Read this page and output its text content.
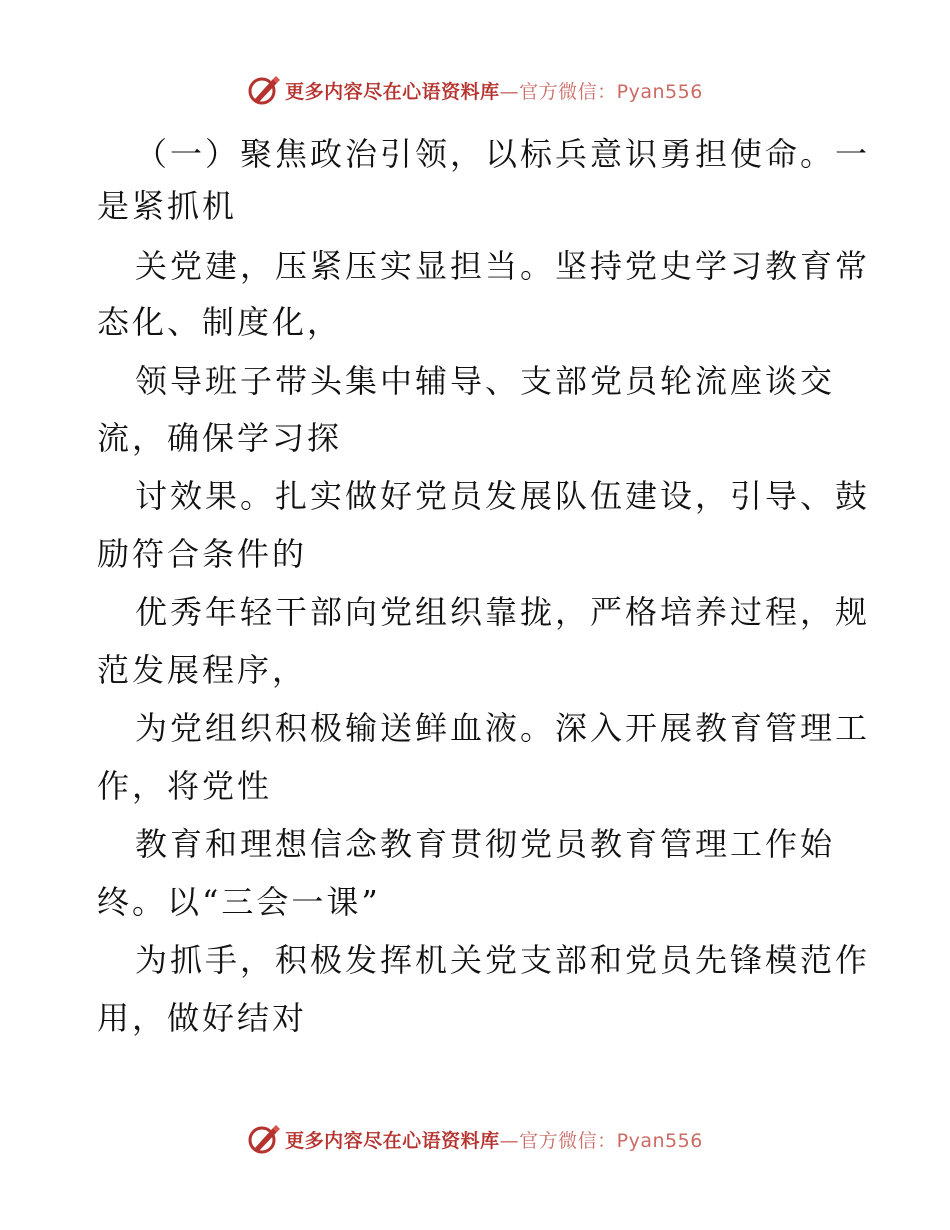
更多内容尽在心语资料库—官方微信：Pyan556
（一）聚焦政治引领，以标兵意识勇担使命。一
是紧抓机
关党建，压紧压实显担当。坚持党史学习教育常
态化、制度化，
领导班子带头集中辅导、支部党员轮流座谈交
流，确保学习探
讨效果。扎实做好党员发展队伍建设，引导、鼓
励符合条件的
优秀年轻干部向党组织靠拢，严格培养过程，规
范发展程序，
为党组织积极输送鲜血液。深入开展教育管理工
作，将党性
教育和理想信念教育贯彻党员教育管理工作始
终。以“三会一课”
为抓手，积极发挥机关党支部和党员先锋模范作
用，做好结对
更多内容尽在心语资料库—官方微信：Pyan556
